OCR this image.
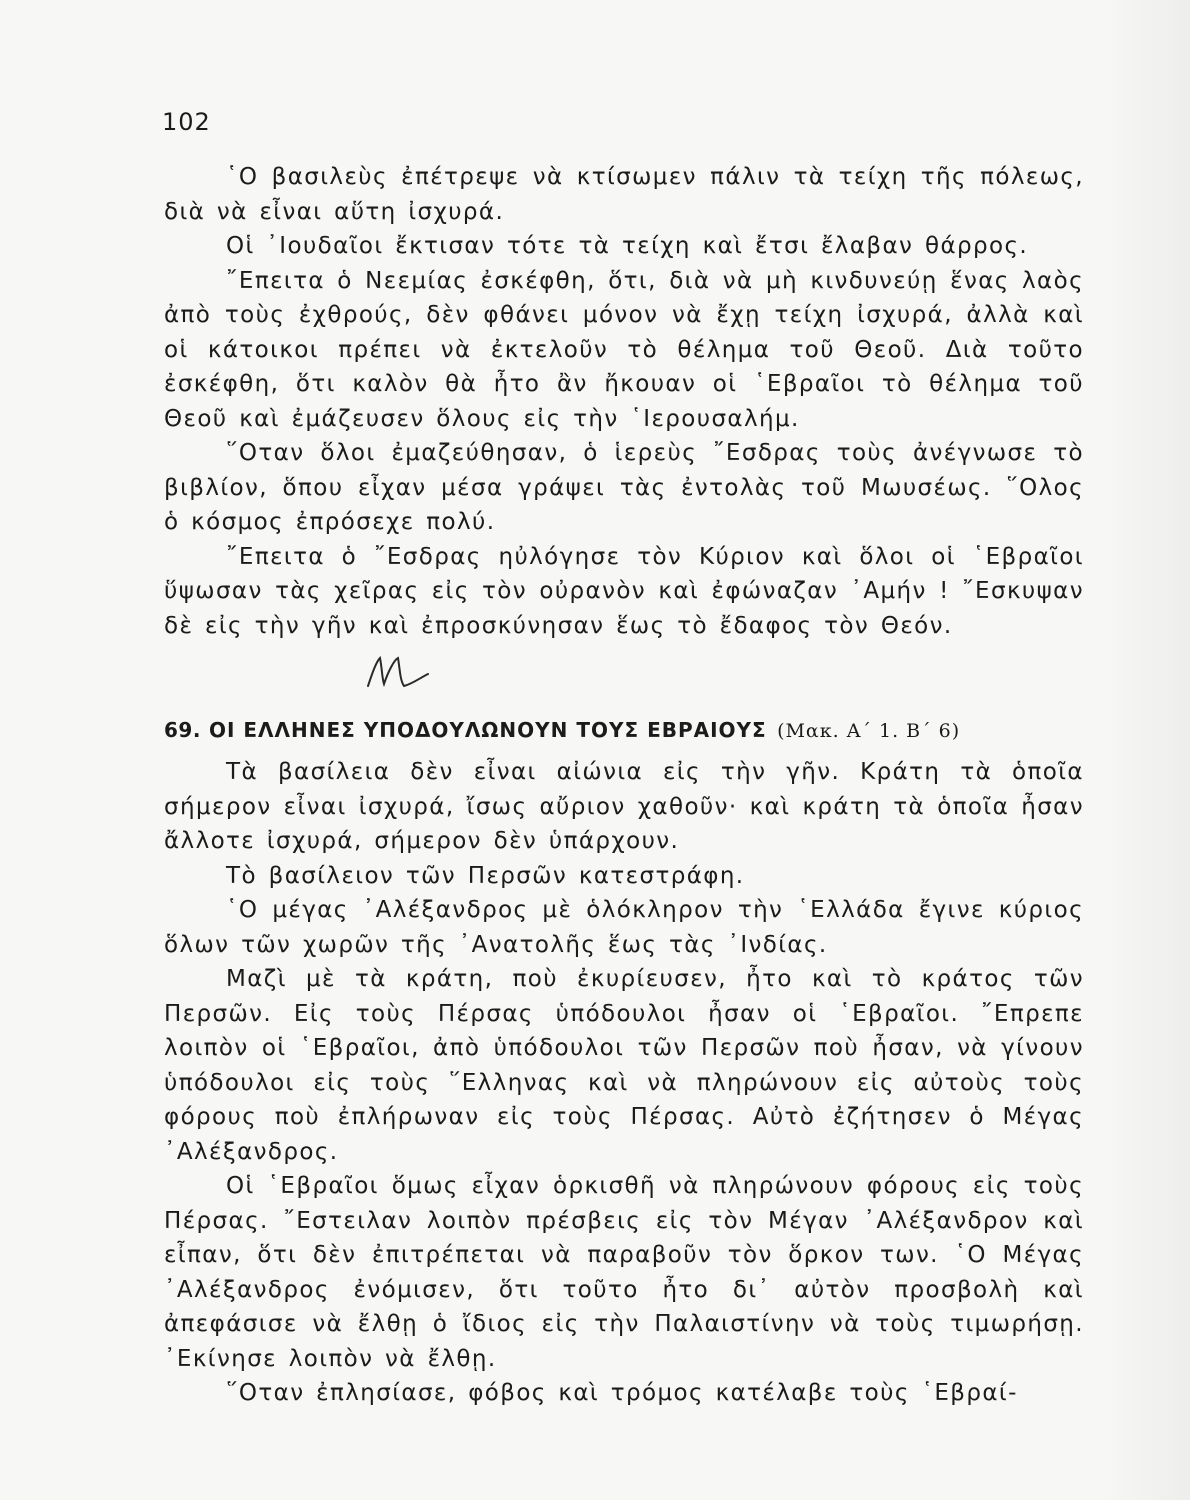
102

῾Ο βασιλεὺς ἐπέτρεψε νὰ κτίσωμεν πάλιν τὰ τείχη τῆς πόλεως, διὰ νὰ εἶναι αὕτη ἰσχυρά.

Οἱ ᾽Ιουδαῖοι ἔκτισαν τότε τὰ τείχη καὶ ἔτσι ἔλαβαν θάρρος.

῎Επειτα ὁ Νεεμίας ἐσκέφθη, ὅτι, διὰ νὰ μὴ κινδυνεύῃ ἕνας λαὸς ἀπὸ τοὺς ἐχθρούς, δὲν φθάνει μόνον νὰ ἔχῃ τείχη ἰσχυρά, ἀλλὰ καὶ οἱ κάτοικοι πρέπει νὰ ἐκτελοῦν τὸ θέλημα τοῦ Θεοῦ. Διὰ τοῦτο ἐσκέφθη, ὅτι καλὸν θὰ ἦτο ἂν ἤκουαν οἱ ῾Εβραῖοι τὸ θέλημα τοῦ Θεοῦ καὶ ἐμάζευσεν ὅλους εἰς τὴν ῾Ιερουσαλήμ.

῞Οταν ὅλοι ἐμαζεύθησαν, ὁ ἱερεὺς ῎Εσδρας τοὺς ἀνέγνωσε τὸ βιβλίον, ὅπου εἶχαν μέσα γράψει τὰς ἐντολὰς τοῦ Μωυσέως. ῞Ολος ὁ κόσμος ἐπρόσεχε πολύ.

῎Επειτα ὁ ῎Εσδρας ηὐλόγησε τὸν Κύριον καὶ ὅλοι οἱ ῾Εβραῖοι ὕψωσαν τὰς χεῖρας εἰς τὸν οὐρανὸν καὶ ἐφώναζαν ᾽Αμήν ! ῎Εσκυψαν δὲ εἰς τὴν γῆν καὶ ἐπροσκύνησαν ἕως τὸ ἔδαφος τὸν Θεόν.

69. ΟΙ ΕΛΛΗΝΕΣ ΥΠΟΔΟΥΛΩΝΟΥΝ ΤΟΥΣ ΕΒΡΑΙΟΥΣ (Μακ. Α΄ 1. Β΄ 6)

Τὰ βασίλεια δὲν εἶναι αἰώνια εἰς τὴν γῆν. Κράτη τὰ ὁποῖα σήμερον εἶναι ἰσχυρά, ἴσως αὔριον χαθοῦν· καὶ κράτη τὰ ὁποῖα ἦσαν ἄλλοτε ἰσχυρά, σήμερον δὲν ὑπάρχουν.

Τὸ βασίλειον τῶν Περσῶν κατεστράφη.

῾Ο μέγας ᾽Αλέξανδρος μὲ ὁλόκληρον τὴν ῾Ελλάδα ἔγινε κύριος ὅλων τῶν χωρῶν τῆς ᾽Ανατολῆς ἕως τὰς ᾽Ινδίας.

Μαζὶ μὲ τὰ κράτη, ποὺ ἐκυρίευσεν, ἦτο καὶ τὸ κράτος τῶν Περσῶν. Εἰς τοὺς Πέρσας ὑπόδουλοι ἦσαν οἱ ῾Εβραῖοι. ῎Επρεπε λοιπὸν οἱ ῾Εβραῖοι, ἀπὸ ὑπόδουλοι τῶν Περσῶν ποὺ ἦσαν, νὰ γίνουν ὑπόδουλοι εἰς τοὺς ῞Ελληνας καὶ νὰ πληρώνουν εἰς αὐτοὺς τοὺς φόρους ποὺ ἐπλήρωναν εἰς τοὺς Πέρσας. Αὐτὸ ἐζήτησεν ὁ Μέγας ᾽Αλέξανδρος.

Οἱ ῾Εβραῖοι ὅμως εἶχαν ὁρκισθῆ νὰ πληρώνουν φόρους εἰς τοὺς Πέρσας. ῎Εστειλαν λοιπὸν πρέσβεις εἰς τὸν Μέγαν ᾽Αλέξανδρον καὶ εἶπαν, ὅτι δὲν ἐπιτρέπεται νὰ παραβοῦν τὸν ὅρκον των. ῾Ο Μέγας ᾽Αλέξανδρος ἐνόμισεν, ὅτι τοῦτο ἦτο δι᾽ αὐτὸν προσβολὴ καὶ ἀπεφάσισε νὰ ἔλθῃ ὁ ἴδιος εἰς τὴν Παλαιστίνην νὰ τοὺς τιμωρήσῃ. ᾽Εκίνησε λοιπὸν νὰ ἔλθῃ.

῞Οταν ἐπλησίασε, φόβος καὶ τρόμος κατέλαβε τοὺς ῾Εβραί-
